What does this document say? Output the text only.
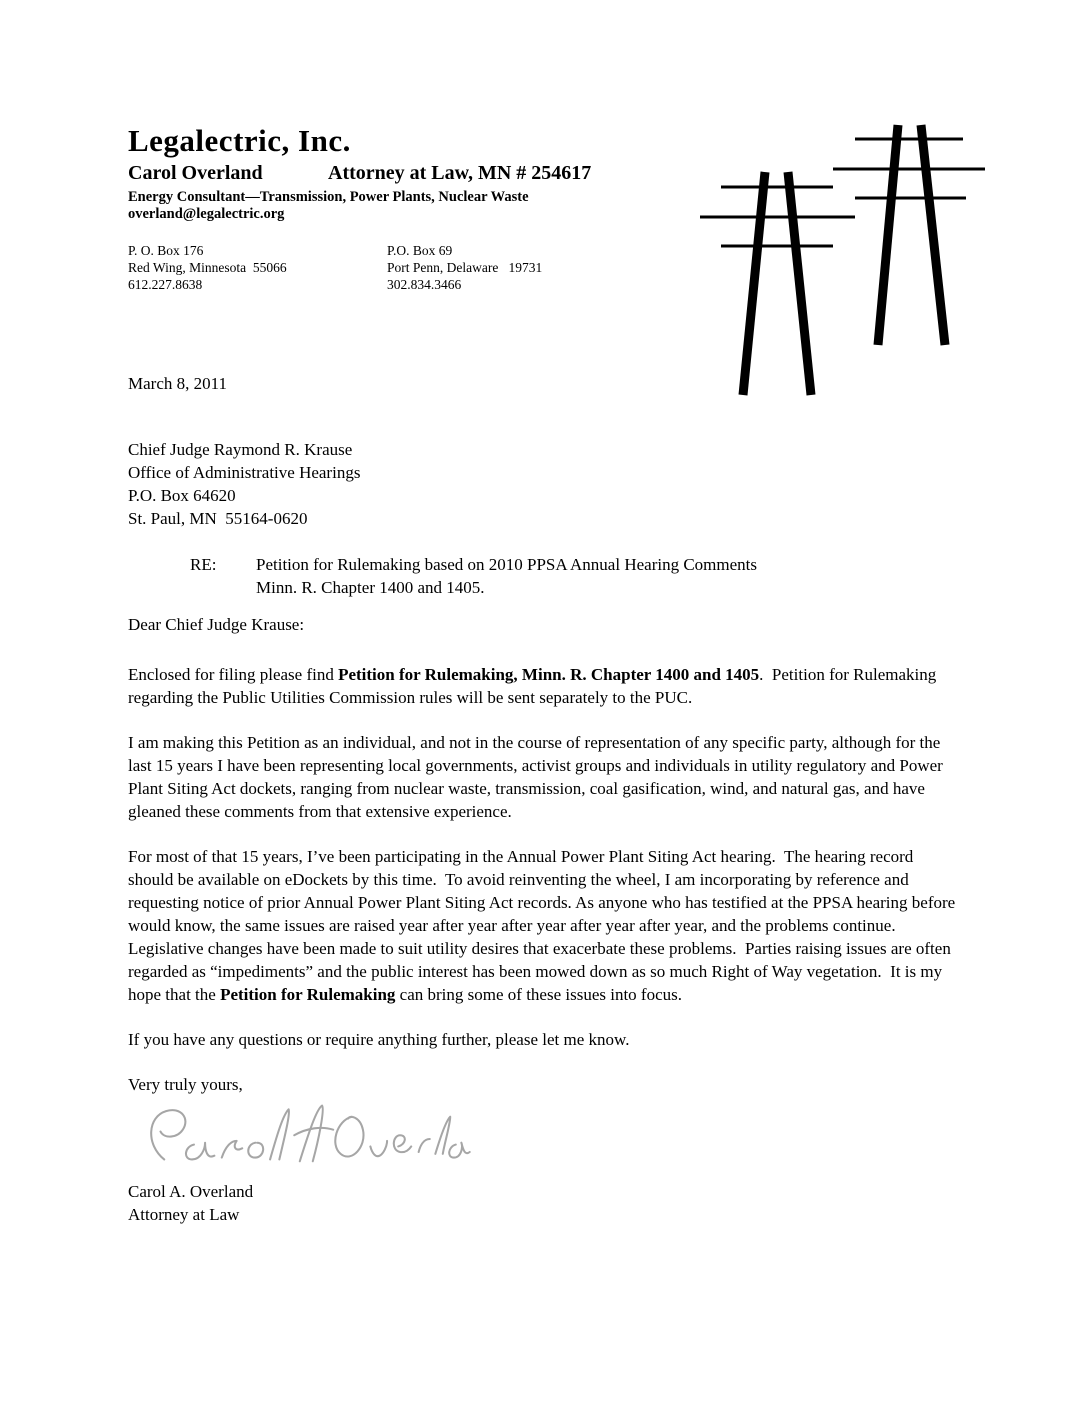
Legalectric, Inc.
Carol Overland	Attorney at Law, MN # 254617
Energy Consultant—Transmission, Power Plants, Nuclear Waste
overland@legalectric.org
P. O. Box 176
Red Wing, Minnesota  55066
612.227.8638
P.O. Box 69
Port Penn, Delaware   19731
302.834.3466
March 8, 2011
Chief Judge Raymond R. Krause
Office of Administrative Hearings
P.O. Box 64620
St. Paul, MN  55164-0620
RE:	Petition for Rulemaking based on 2010 PPSA Annual Hearing Comments
Minn. R. Chapter 1400 and 1405.
Dear Chief Judge Krause:
Enclosed for filing please find Petition for Rulemaking, Minn. R. Chapter 1400 and 1405.  Petition for Rulemaking regarding the Public Utilities Commission rules will be sent separately to the PUC.
I am making this Petition as an individual, and not in the course of representation of any specific party, although for the last 15 years I have been representing local governments, activist groups and individuals in utility regulatory and Power Plant Siting Act dockets, ranging from nuclear waste, transmission, coal gasification, wind, and natural gas, and have gleaned these comments from that extensive experience.
For most of that 15 years, I’ve been participating in the Annual Power Plant Siting Act hearing.  The hearing record should be available on eDockets by this time.  To avoid reinventing the wheel, I am incorporating by reference and requesting notice of prior Annual Power Plant Siting Act records. As anyone who has testified at the PPSA hearing before would know, the same issues are raised year after year after year after year after year, and the problems continue.  Legislative changes have been made to suit utility desires that exacerbate these problems.  Parties raising issues are often regarded as “impediments” and the public interest has been mowed down as so much Right of Way vegetation.  It is my hope that the Petition for Rulemaking can bring some of these issues into focus.
If you have any questions or require anything further, please let me know.
Very truly yours,
Carol A. Overland
Attorney at Law
